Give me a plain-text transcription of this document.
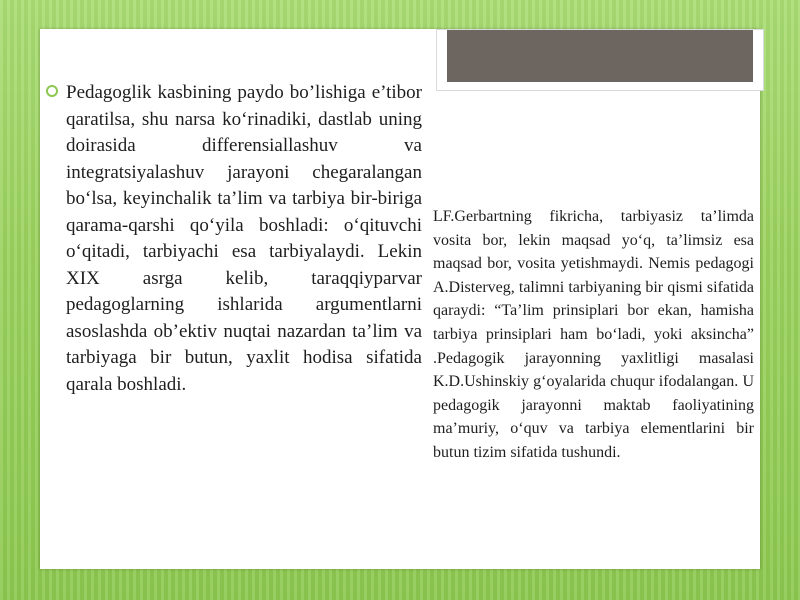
Pedagoglik kasbining paydo bo’lishiga e’tibor qaratilsa, shu narsa ko‘rinadiki, dastlab uning doirasida differensiallashuv va integratsiyalashuv jarayoni chegaralangan bo‘lsa, keyinchalik ta’lim va tarbiya bir-biriga qarama-qarshi qo‘yila boshladi: o‘qituvchi o‘qitadi, tarbiyachi esa tarbiyalaydi. Lekin XIX asrga kelib, taraqqiyparvar pedagoglarning ishlarida argumentlarni asoslashda ob’ektiv nuqtai nazardan ta’lim va tarbiyaga bir butun, yaxlit hodisa sifatida qarala boshladi.

LF.Gerbartning fikricha, tarbiyasiz ta’limda vosita bor, lekin maqsad yo‘q, ta’limsiz esa maqsad bor, vosita yetishmaydi. Nemis pedagogi A.Disterveg, talimni tarbiyaning bir qismi sifatida qaraydi: “Ta’lim prinsiplari bor ekan, hamisha tarbiya prinsiplari ham bo‘ladi, yoki aksincha” .Pedagogik jarayonning yaxlitligi masalasi K.D.Ushinskiy g‘oyalarida chuqur ifodalangan. U pedagogik jarayonni maktab faoliyatining ma’muriy, o‘quv va tarbiya elementlarini bir butun tizim sifatida tushundi.
